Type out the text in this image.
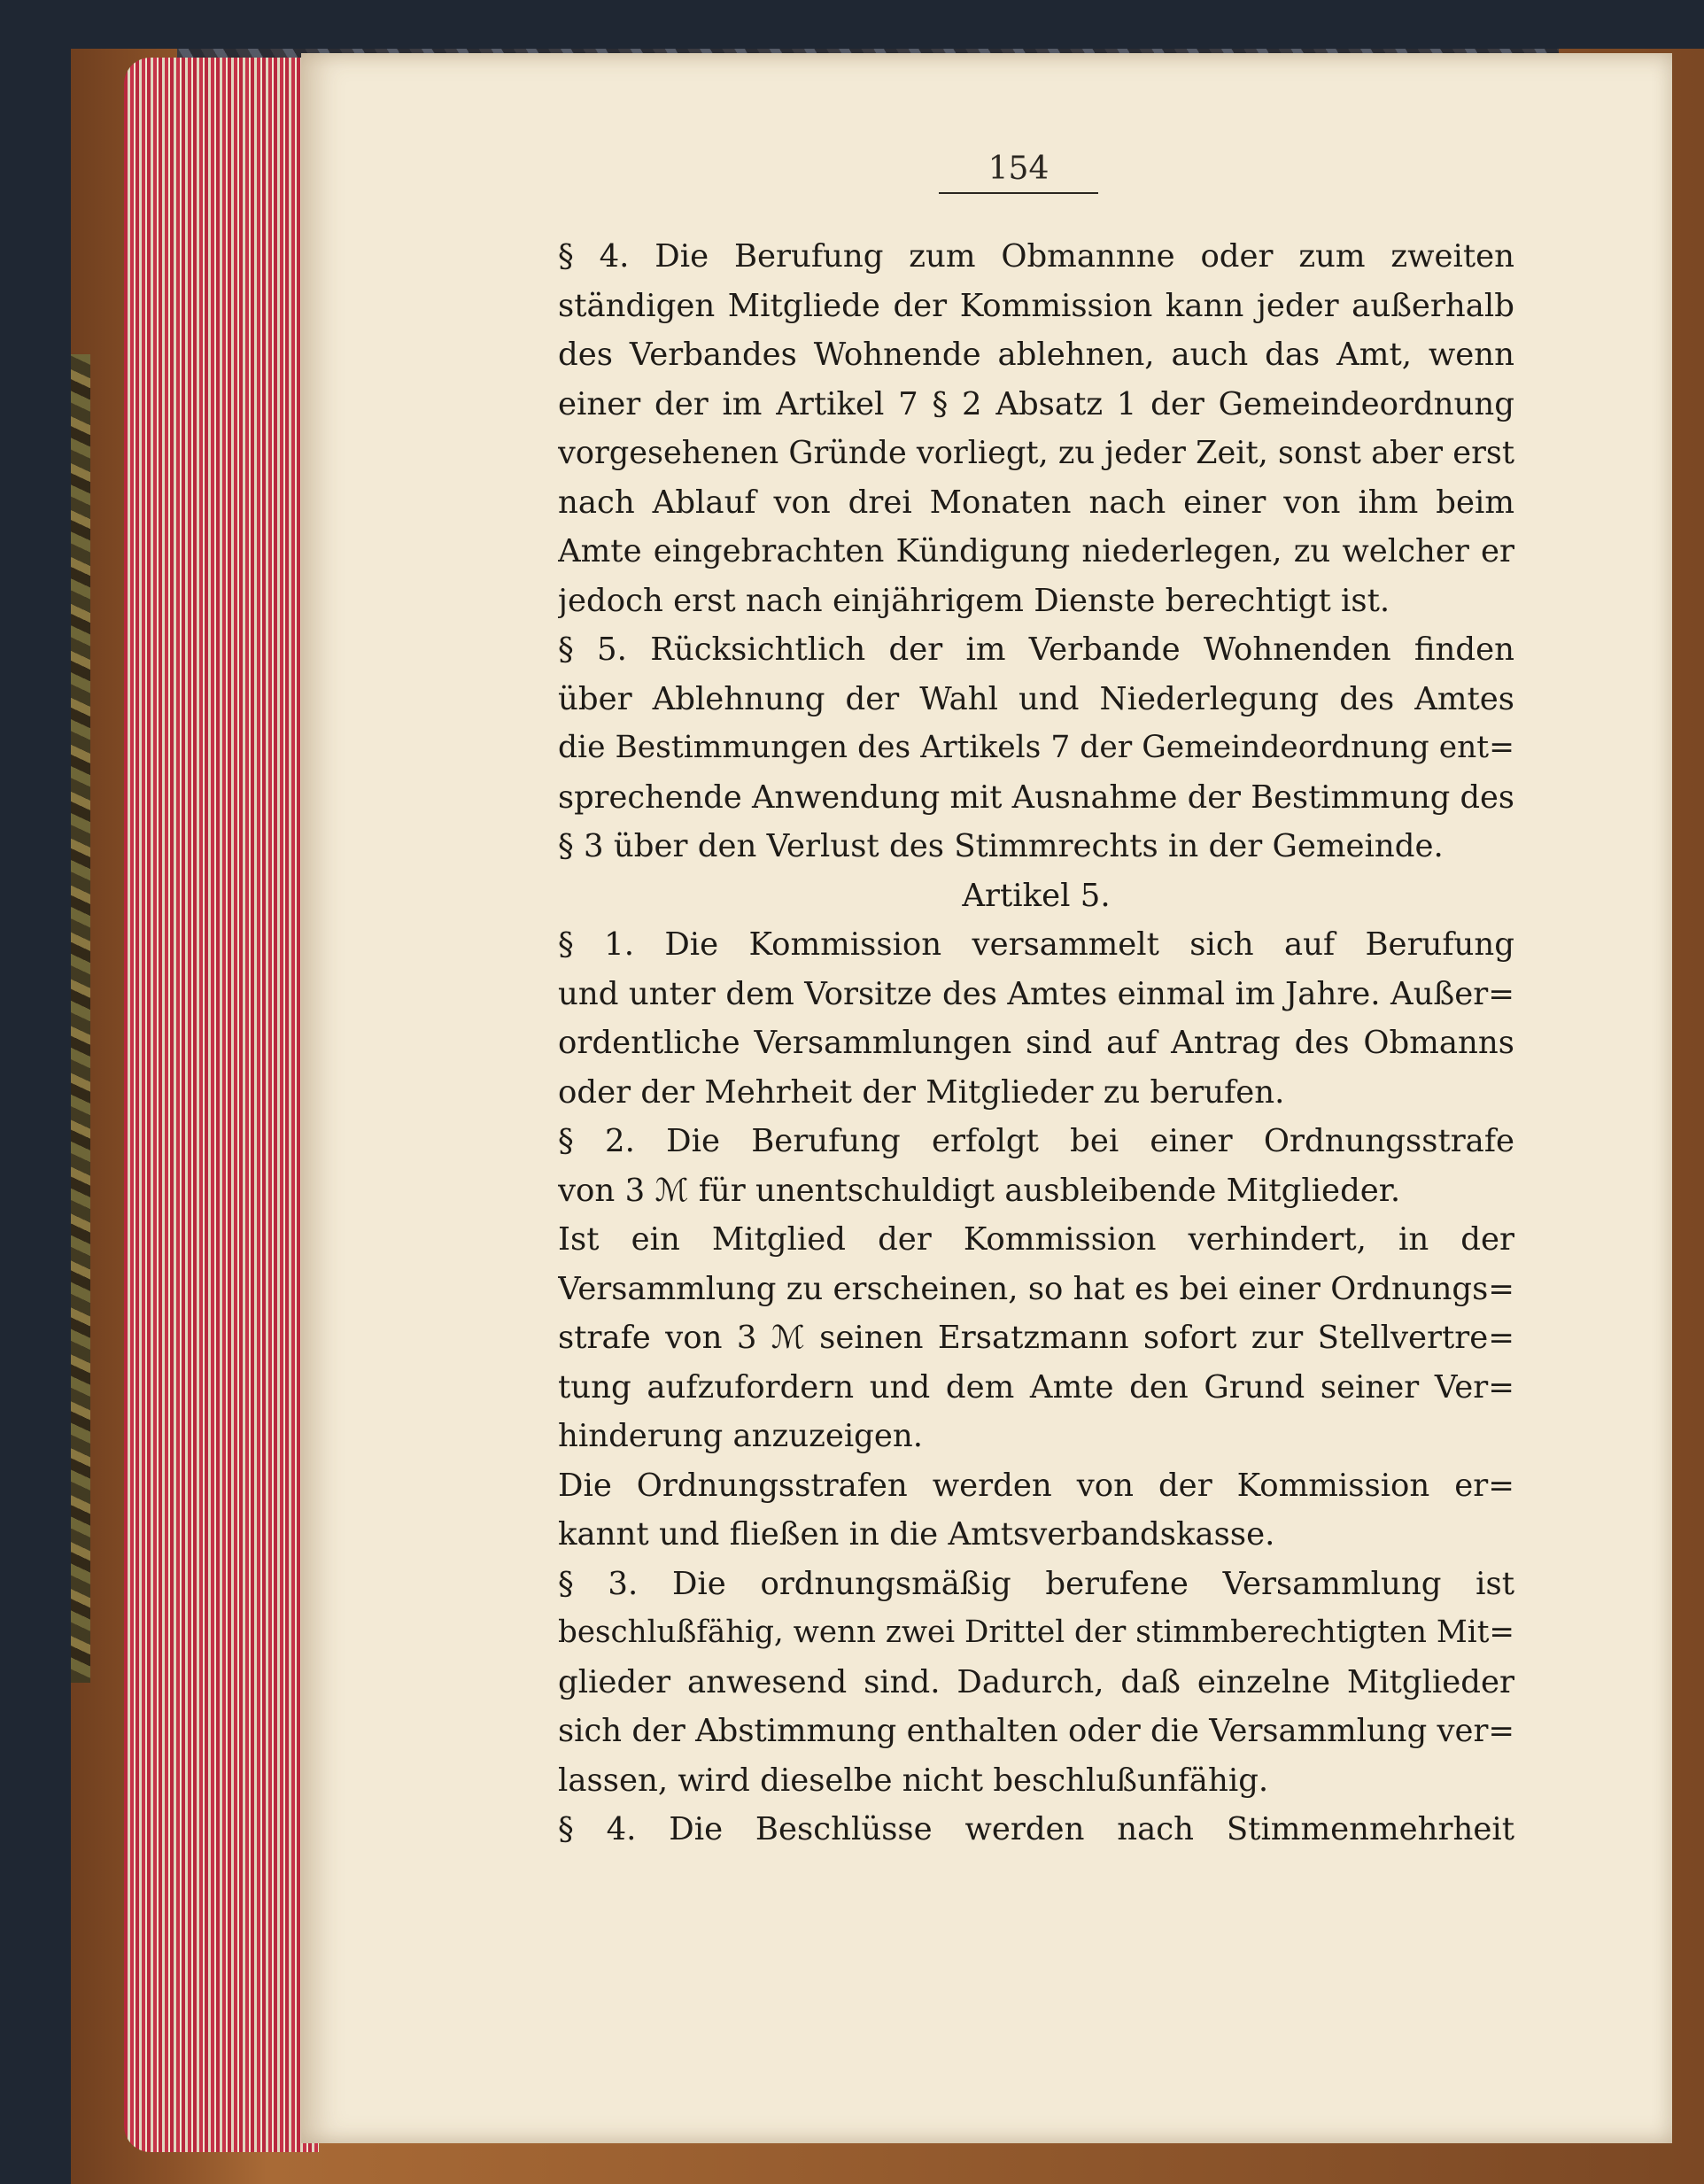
154
§ 4. Die Berufung zum Obmannne oder zum zweiten
ständigen Mitgliede der Kommission kann jeder außerhalb
des Verbandes Wohnende ablehnen, auch das Amt, wenn
einer der im Artikel 7 § 2 Absatz 1 der Gemeindeordnung
vorgesehenen Gründe vorliegt, zu jeder Zeit, sonst aber erst
nach Ablauf von drei Monaten nach einer von ihm beim
Amte eingebrachten Kündigung niederlegen, zu welcher er
jedoch erst nach einjährigem Dienste berechtigt ist.
§ 5. Rücksichtlich der im Verbande Wohnenden finden
über Ablehnung der Wahl und Niederlegung des Amtes
die Bestimmungen des Artikels 7 der Gemeindeordnung ent=
sprechende Anwendung mit Ausnahme der Bestimmung des
§ 3 über den Verlust des Stimmrechts in der Gemeinde.
Artikel 5.
§ 1. Die Kommission versammelt sich auf Berufung
und unter dem Vorsitze des Amtes einmal im Jahre. Außer=
ordentliche Versammlungen sind auf Antrag des Obmanns
oder der Mehrheit der Mitglieder zu berufen.
§ 2. Die Berufung erfolgt bei einer Ordnungsstrafe
von 3 ℳ für unentschuldigt ausbleibende Mitglieder.
Ist ein Mitglied der Kommission verhindert, in der
Versammlung zu erscheinen, so hat es bei einer Ordnungs=
strafe von 3 ℳ seinen Ersatzmann sofort zur Stellvertre=
tung aufzufordern und dem Amte den Grund seiner Ver=
hinderung anzuzeigen.
Die Ordnungsstrafen werden von der Kommission er=
kannt und fließen in die Amtsverbandskasse.
§ 3. Die ordnungsmäßig berufene Versammlung ist
beschlußfähig, wenn zwei Drittel der stimmberechtigten Mit=
glieder anwesend sind. Dadurch, daß einzelne Mitglieder
sich der Abstimmung enthalten oder die Versammlung ver=
lassen, wird dieselbe nicht beschlußunfähig.
§ 4. Die Beschlüsse werden nach Stimmenmehrheit
